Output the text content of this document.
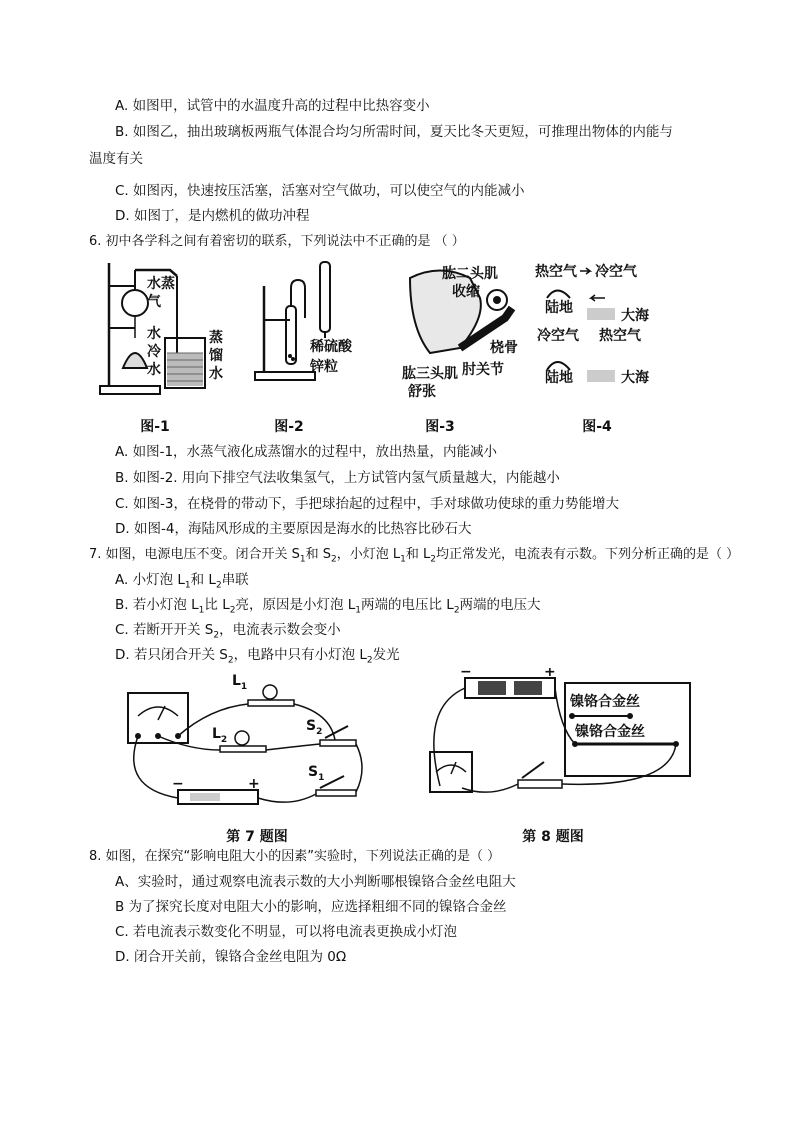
A. 如图甲，试管中的水温度升高的过程中比热容变小
B. 如图乙，抽出玻璃板两瓶气体混合均匀所需时间，夏天比冬天更短，可推理出物体的内能与
温度有关
C. 如图丙，快速按压活塞，活塞对空气做功，可以使空气的内能减小
D. 如图丁，是内燃机的做功冲程
6. 初中各学科之间有着密切的联系，下列说法中不正确的是 （ ）
水蒸
气
水
冷
水
蒸
馏
水
图-1
稀硫酸
锌粒
图-2
肱二头肌
收缩
桡骨
肘关节
肱三头肌
舒张
图-3
热空气 冷空气
陆地	大海
冷空气 热空气
陆地	大海
图-4
A. 如图-1，水蒸气液化成蒸馏水的过程中，放出热量，内能减小
B. 如图-2. 用向下排空气法收集氢气，上方试管内氢气质量越大，内能越小
C. 如图-3，在桡骨的带动下，手把球抬起的过程中，手对球做功使球的重力势能增大
D. 如图-4，海陆风形成的主要原因是海水的比热容比砂石大
7. 如图，电源电压不变。闭合开关 $S_1$和 $S_2$，小灯泡 $L_1$和 $L_2$均正常发光，电流表有示数。下列分析正确的是（ ）
A. 小灯泡 $L_1$和 $L_2$串联
B. 若小灯泡 $L_1$比 $L_2$亮，原因是小灯泡 $L_1$两端的电压比 $L_2$两端的电压大
C. 若断开开关 $S_2$，电流表示数会变小
D. 若只闭合开关 $S_2$，电路中只有小灯泡 $L_2$发光
$L_1$
$L_2$
$S_2$
$S_1$
−	+
第 7 题图
−	+
镍铬合金丝
镍铬合金丝
第 8 题图
8. 如图，在探究“影响电阻大小的因素”实验时，下列说法正确的是（ ）
A、实验时，通过观察电流表示数的大小判断哪根镍铬合金丝电阻大
B 为了探究长度对电阻大小的影响，应选择粗细不同的镍铬合金丝
C. 若电流表示数变化不明显，可以将电流表更换成小灯泡
D. 闭合开关前，镍铬合金丝电阻为 0Ω
